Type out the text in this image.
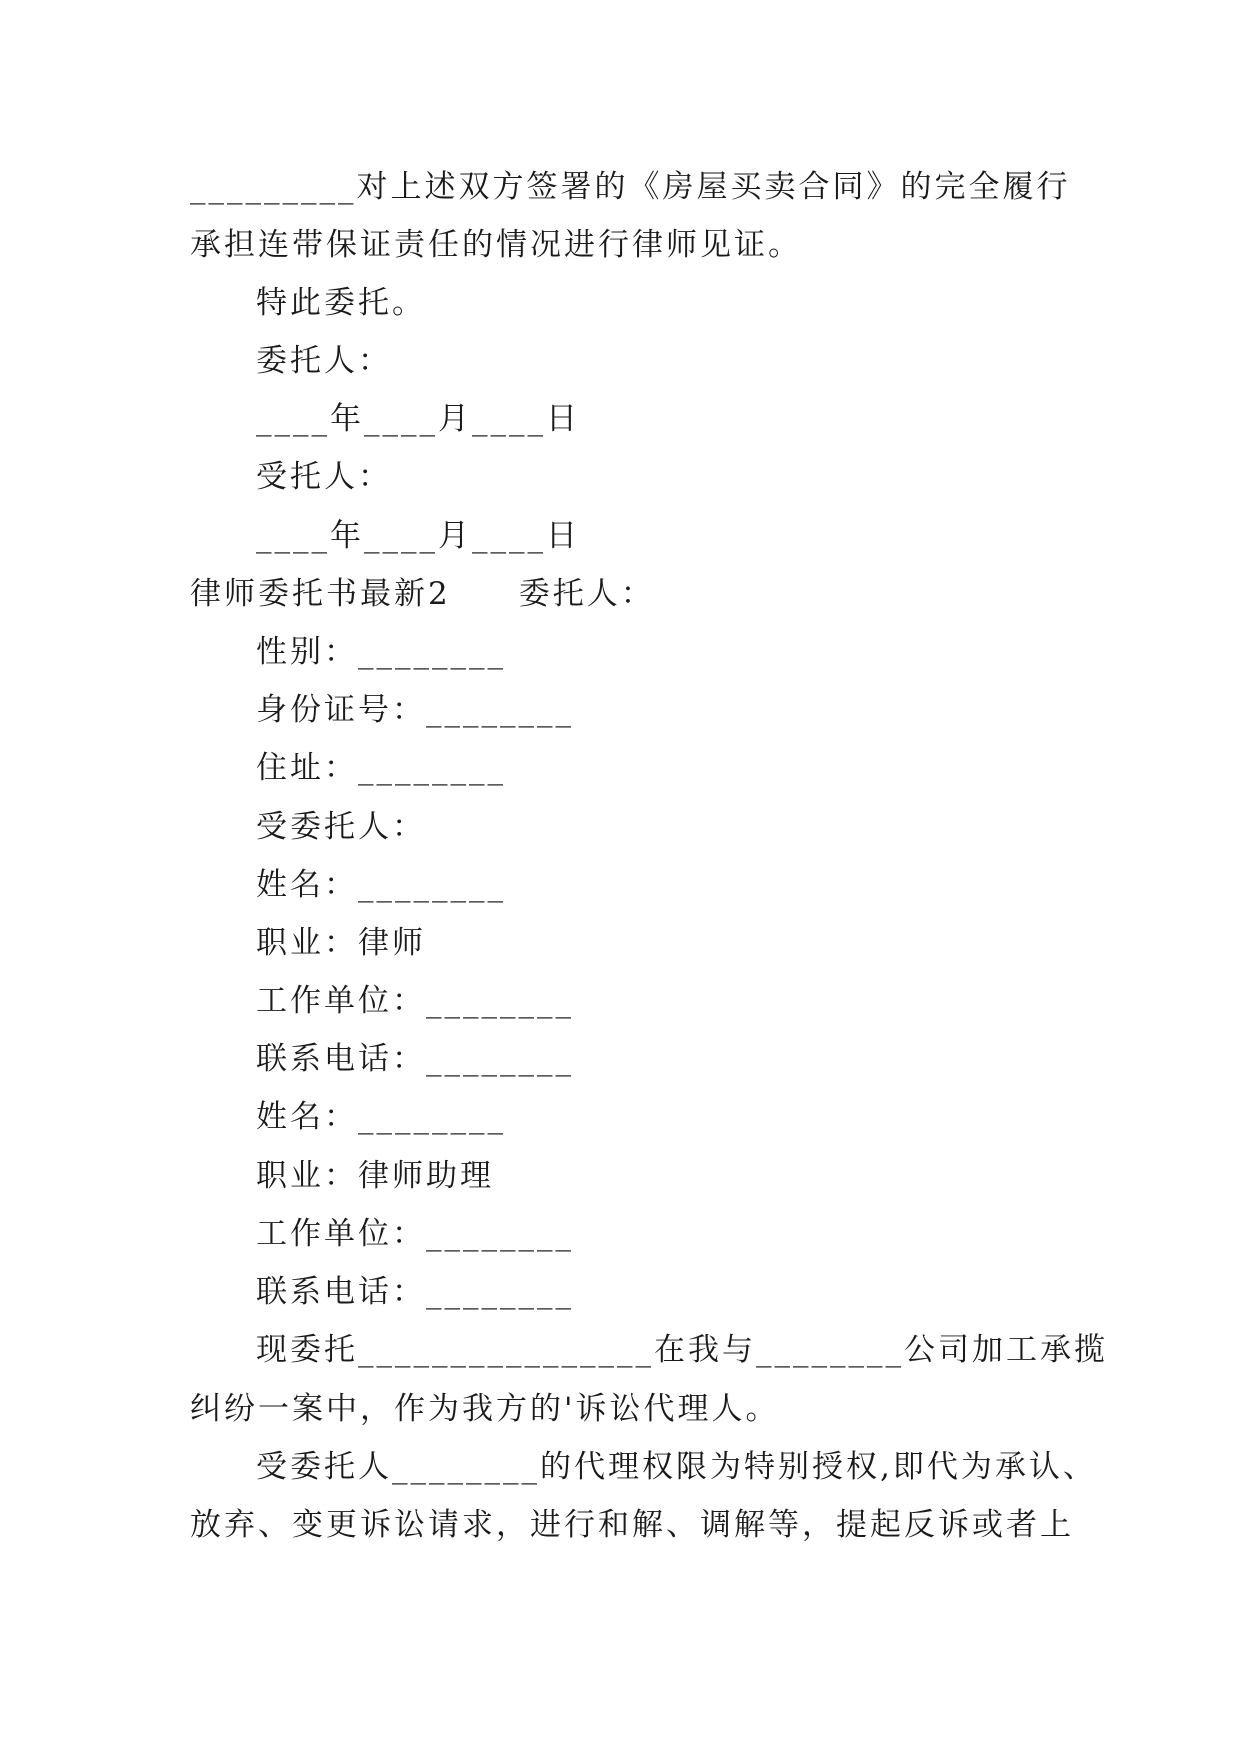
_________对上述双方签署的《房屋买卖合同》的完全履行
承担连带保证责任的情况进行律师见证。
特此委托。
委托人：
____年____月____日
受托人：
____年____月____日
律师委托书最新2　　委托人：
性别：________
身份证号：________
住址：________
受委托人：
姓名：________
职业：律师
工作单位：________
联系电话：________
姓名：________
职业：律师助理
工作单位：________
联系电话：________
现委托________________在我与________公司加工承揽
纠纷一案中，作为我方的'诉讼代理人。
受委托人________的代理权限为特别授权,即代为承认、
放弃、变更诉讼请求，进行和解、调解等，提起反诉或者上
